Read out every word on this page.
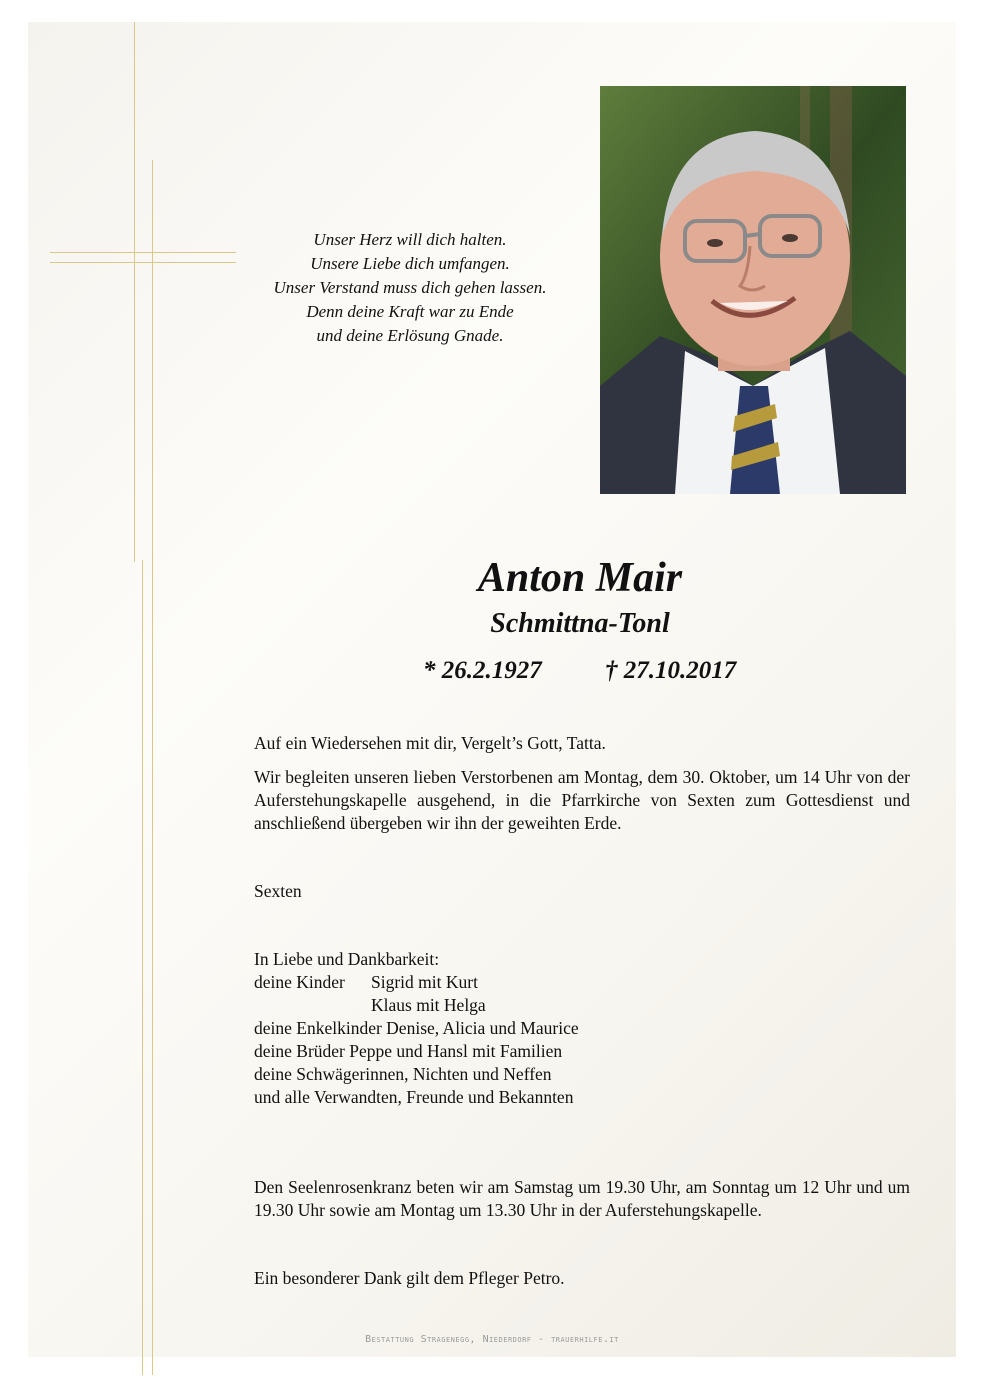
Unser Herz will dich halten.
Unsere Liebe dich umfangen.
Unser Verstand muss dich gehen lassen.
Denn deine Kraft war zu Ende
und deine Erlösung Gnade.
Anton Mair
Schmittna-Tonl
* 26.2.1927	† 27.10.2017
Auf ein Wiedersehen mit dir, Vergelt’s Gott, Tatta.
Wir begleiten unseren lieben Verstorbenen am Montag, dem 30. Oktober, um 14 Uhr von der Auferstehungskapelle ausgehend, in die Pfarrkirche von Sexten zum Gottesdienst und anschließend übergeben wir ihn der geweihten Erde.
Sexten
In Liebe und Dankbarkeit:
deine Kinder Sigrid mit Kurt
Klaus mit Helga
deine Enkelkinder Denise, Alicia und Maurice
deine Brüder Peppe und Hansl mit Familien
deine Schwägerinnen, Nichten und Neffen
und alle Verwandten, Freunde und Bekannten
Den Seelenrosenkranz beten wir am Samstag um 19.30 Uhr, am Sonntag um 12 Uhr und um 19.30 Uhr sowie am Montag um 13.30 Uhr in der Auferstehungskapelle.
Ein besonderer Dank gilt dem Pfleger Petro.
Bestattung Stragenegg, Niederdorf - trauerhilfe.it
